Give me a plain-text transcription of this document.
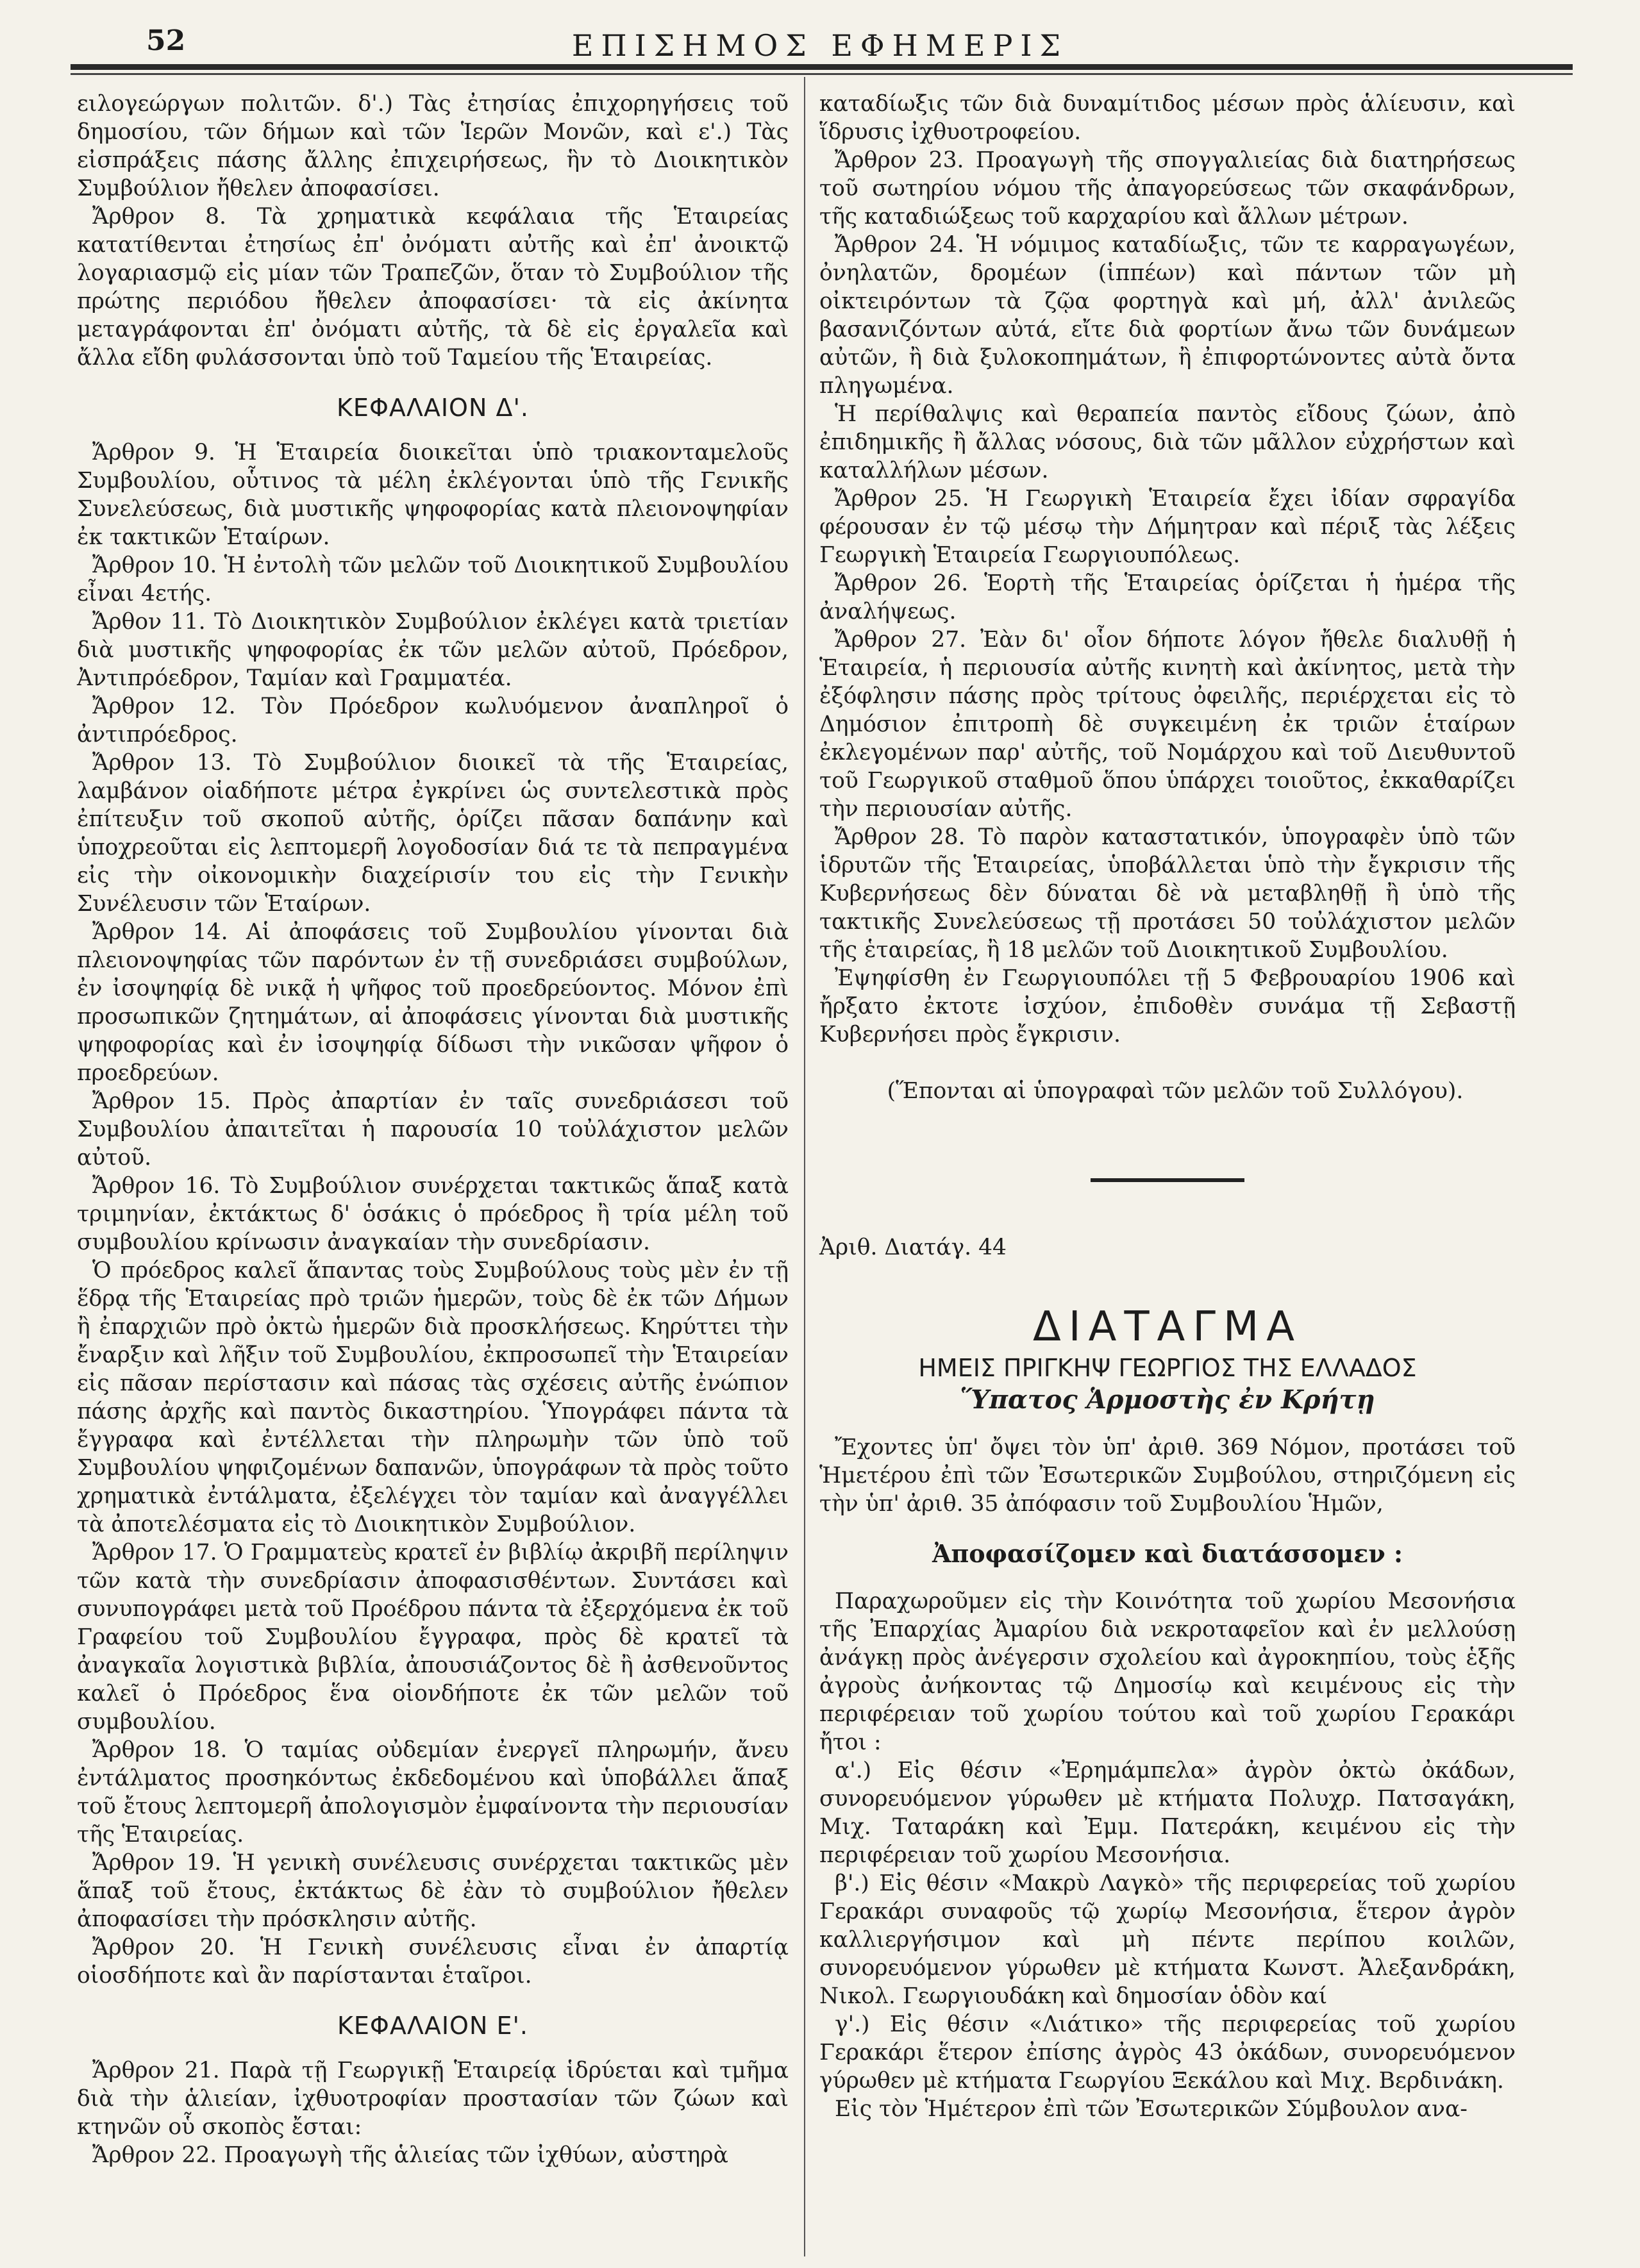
52	ΕΠΙΣΗΜΟΣ ΕΦΗΜΕΡΙΣ

ειλογεώργων πολιτῶν. δ'.) Τὰς ἐτησίας ἐπιχορηγήσεις τοῦ δημοσίου, τῶν δήμων καὶ τῶν Ἱερῶν Μονῶν, καὶ ε'.) Τὰς εἰσπράξεις πάσης ἄλλης ἐπιχειρήσεως, ἣν τὸ Διοικητικὸν Συμβούλιον ἤθελεν ἀποφασίσει.

Ἄρθρον 8. Τὰ χρηματικὰ κεφάλαια τῆς Ἑταιρείας κατατίθενται ἐτησίως ἐπ' ὀνόματι αὐτῆς καὶ ἐπ' ἀνοικτῷ λογαριασμῷ εἰς μίαν τῶν Τραπεζῶν, ὅταν τὸ Συμβούλιον τῆς πρώτης περιόδου ἤθελεν ἀποφασίσει· τὰ εἰς ἀκίνητα μεταγράφονται ἐπ' ὀνόματι αὐτῆς, τὰ δὲ εἰς ἐργαλεῖα καὶ ἄλλα εἴδη φυλάσσονται ὑπὸ τοῦ Ταμείου τῆς Ἑταιρείας.

ΚΕΦΑΛΑΙΟΝ Δ'.

Ἄρθρον 9. Ἡ Ἑταιρεία διοικεῖται ὑπὸ τριακονταμελοῦς Συμβουλίου, οὗτινος τὰ μέλη ἐκλέγονται ὑπὸ τῆς Γενικῆς Συνελεύσεως, διὰ μυστικῆς ψηφοφορίας κατὰ πλειονοψηφίαν ἐκ τακτικῶν Ἑταίρων.

Ἄρθρον 10. Ἡ ἐντολὴ τῶν μελῶν τοῦ Διοικητικοῦ Συμβουλίου εἶναι 4ετής.

Ἄρθον 11. Τὸ Διοικητικὸν Συμβούλιον ἐκλέγει κατὰ τριετίαν διὰ μυστικῆς ψηφοφορίας ἐκ τῶν μελῶν αὐτοῦ, Πρόεδρον, Ἀντιπρόεδρον, Ταμίαν καὶ Γραμματέα.

Ἄρθρον 12. Τὸν Πρόεδρον κωλυόμενον ἀναπληροῖ ὁ ἀντιπρόεδρος.

Ἄρθρον 13. Τὸ Συμβούλιον διοικεῖ τὰ τῆς Ἑταιρείας, λαμβάνον οἱαδήποτε μέτρα ἐγκρίνει ὡς συντελεστικὰ πρὸς ἐπίτευξιν τοῦ σκοποῦ αὐτῆς, ὁρίζει πᾶσαν δαπάνην καὶ ὑποχρεοῦται εἰς λεπτομερῆ λογοδοσίαν διά τε τὰ πεπραγμένα εἰς τὴν οἰκονομικὴν διαχείρισίν του εἰς τὴν Γενικὴν Συνέλευσιν τῶν Ἑταίρων.

Ἄρθρον 14. Αἱ ἀποφάσεις τοῦ Συμβουλίου γίνονται διὰ πλειονοψηφίας τῶν παρόντων ἐν τῇ συνεδριάσει συμβούλων, ἐν ἰσοψηφίᾳ δὲ νικᾷ ἡ ψῆφος τοῦ προεδρεύοντος. Μόνον ἐπὶ προσωπικῶν ζητημάτων, αἱ ἀποφάσεις γίνονται διὰ μυστικῆς ψηφοφορίας καὶ ἐν ἰσοψηφίᾳ δίδωσι τὴν νικῶσαν ψῆφον ὁ προεδρεύων.

Ἄρθρον 15. Πρὸς ἀπαρτίαν ἐν ταῖς συνεδριάσεσι τοῦ Συμβουλίου ἀπαιτεῖται ἡ παρουσία 10 τοὐλάχιστον μελῶν αὐτοῦ.

Ἄρθρον 16. Τὸ Συμβούλιον συνέρχεται τακτικῶς ἅπαξ κατὰ τριμηνίαν, ἐκτάκτως δ' ὁσάκις ὁ πρόεδρος ἢ τρία μέλη τοῦ συμβουλίου κρίνωσιν ἀναγκαίαν τὴν συνεδρίασιν.

Ὁ πρόεδρος καλεῖ ἅπαντας τοὺς Συμβούλους τοὺς μὲν ἐν τῇ ἕδρᾳ τῆς Ἑταιρείας πρὸ τριῶν ἡμερῶν, τοὺς δὲ ἐκ τῶν Δήμων ἢ ἐπαρχιῶν πρὸ ὀκτὼ ἡμερῶν διὰ προσκλήσεως. Κηρύττει τὴν ἔναρξιν καὶ λῆξιν τοῦ Συμβουλίου, ἐκπροσωπεῖ τὴν Ἑταιρείαν εἰς πᾶσαν περίστασιν καὶ πάσας τὰς σχέσεις αὐτῆς ἐνώπιον πάσης ἀρχῆς καὶ παντὸς δικαστηρίου. Ὑπογράφει πάντα τὰ ἔγγραφα καὶ ἐντέλλεται τὴν πληρωμὴν τῶν ὑπὸ τοῦ Συμβουλίου ψηφιζομένων δαπανῶν, ὑπογράφων τὰ πρὸς τοῦτο χρηματικὰ ἐντάλματα, ἐξελέγχει τὸν ταμίαν καὶ ἀναγγέλλει τὰ ἀποτελέσματα εἰς τὸ Διοικητικὸν Συμβούλιον.

Ἄρθρον 17. Ὁ Γραμματεὺς κρατεῖ ἐν βιβλίῳ ἀκριβῆ περίληψιν τῶν κατὰ τὴν συνεδρίασιν ἀποφασισθέντων. Συντάσει καὶ συνυπογράφει μετὰ τοῦ Προέδρου πάντα τὰ ἐξερχόμενα ἐκ τοῦ Γραφείου τοῦ Συμβουλίου ἔγγραφα, πρὸς δὲ κρατεῖ τὰ ἀναγκαῖα λογιστικὰ βιβλία, ἀπουσιάζοντος δὲ ἢ ἀσθενοῦντος καλεῖ ὁ Πρόεδρος ἕνα οἱονδήποτε ἐκ τῶν μελῶν τοῦ συμβουλίου.

Ἄρθρον 18. Ὁ ταμίας οὐδεμίαν ἐνεργεῖ πληρωμήν, ἄνευ ἐντάλματος προσηκόντως ἐκδεδομένου καὶ ὑποβάλλει ἅπαξ τοῦ ἔτους λεπτομερῆ ἀπολογισμὸν ἐμφαίνοντα τὴν περιουσίαν τῆς Ἑταιρείας.

Ἄρθρον 19. Ἡ γενικὴ συνέλευσις συνέρχεται τακτικῶς μὲν ἅπαξ τοῦ ἔτους, ἐκτάκτως δὲ ἐὰν τὸ συμβούλιον ἤθελεν ἀποφασίσει τὴν πρόσκλησιν αὐτῆς.

Ἄρθρον 20. Ἡ Γενικὴ συνέλευσις εἶναι ἐν ἀπαρτίᾳ οἱοσδήποτε καὶ ἂν παρίστανται ἑταῖροι.

ΚΕΦΑΛΑΙΟΝ Ε'.

Ἄρθρον 21. Παρὰ τῇ Γεωργικῇ Ἑταιρείᾳ ἱδρύεται καὶ τμῆμα διὰ τὴν ἁλιείαν, ἰχθυοτροφίαν προστασίαν τῶν ζώων καὶ κτηνῶν οὗ σκοπὸς ἔσται:

Ἄρθρον 22. Προαγωγὴ τῆς ἁλιείας τῶν ἰχθύων, αὐστηρὰ

καταδίωξις τῶν διὰ δυναμίτιδος μέσων πρὸς ἁλίευσιν, καὶ ἵδρυσις ἰχθυοτροφείου.

Ἄρθρον 23. Προαγωγὴ τῆς σπογγαλιείας διὰ διατηρήσεως τοῦ σωτηρίου νόμου τῆς ἀπαγορεύσεως τῶν σκαφάνδρων, τῆς καταδιώξεως τοῦ καρχαρίου καὶ ἄλλων μέτρων.

Ἄρθρον 24. Ἡ νόμιμος καταδίωξις, τῶν τε καρραγωγέων, ὀνηλατῶν, δρομέων (ἱππέων) καὶ πάντων τῶν μὴ οἰκτειρόντων τὰ ζῷα φορτηγὰ καὶ μή, ἀλλ' ἀνιλεῶς βασανιζόντων αὐτά, εἴτε διὰ φορτίων ἄνω τῶν δυνάμεων αὐτῶν, ἢ διὰ ξυλοκοπημάτων, ἢ ἐπιφορτώνοντες αὐτὰ ὄντα πληγωμένα.

Ἡ περίθαλψις καὶ θεραπεία παντὸς εἴδους ζώων, ἀπὸ ἐπιδημικῆς ἢ ἄλλας νόσους, διὰ τῶν μᾶλλον εὐχρήστων καὶ καταλλήλων μέσων.

Ἄρθρον 25. Ἡ Γεωργικὴ Ἑταιρεία ἔχει ἰδίαν σφραγίδα φέρουσαν ἐν τῷ μέσῳ τὴν Δήμητραν καὶ πέριξ τὰς λέξεις Γεωργικὴ Ἑταιρεία Γεωργιουπόλεως.

Ἄρθρον 26. Ἑορτὴ τῆς Ἑταιρείας ὁρίζεται ἡ ἡμέρα τῆς ἀναλήψεως.

Ἄρθρον 27. Ἐὰν δι' οἷον δήποτε λόγον ἤθελε διαλυθῇ ἡ Ἑταιρεία, ἡ περιουσία αὐτῆς κινητὴ καὶ ἀκίνητος, μετὰ τὴν ἐξόφλησιν πάσης πρὸς τρίτους ὀφειλῆς, περιέρχεται εἰς τὸ Δημόσιον ἐπιτροπὴ δὲ συγκειμένη ἐκ τριῶν ἑταίρων ἐκλεγομένων παρ' αὐτῆς, τοῦ Νομάρχου καὶ τοῦ Διευθυντοῦ τοῦ Γεωργικοῦ σταθμοῦ ὅπου ὑπάρχει τοιοῦτος, ἐκκαθαρίζει τὴν περιουσίαν αὐτῆς.

Ἄρθρον 28. Τὸ παρὸν καταστατικόν, ὑπογραφὲν ὑπὸ τῶν ἱδρυτῶν τῆς Ἑταιρείας, ὑποβάλλεται ὑπὸ τὴν ἔγκρισιν τῆς Κυβερνήσεως δὲν δύναται δὲ νὰ μεταβληθῇ ἢ ὑπὸ τῆς τακτικῆς Συνελεύσεως τῇ προτάσει 50 τοὐλάχιστον μελῶν τῆς ἑταιρείας, ἢ 18 μελῶν τοῦ Διοικητικοῦ Συμβουλίου.

Ἐψηφίσθη ἐν Γεωργιουπόλει τῇ 5 Φεβρουαρίου 1906 καὶ ἤρξατο ἐκτοτε ἰσχύον, ἐπιδοθὲν συνάμα τῇ Σεβαστῇ Κυβερνήσει πρὸς ἔγκρισιν.

(Ἕπονται αἱ ὑπογραφαὶ τῶν μελῶν τοῦ Συλλόγου).

Ἀριθ. Διατάγ. 44

ΔΙΑΤΑΓΜΑ
ΗΜΕΙΣ ΠΡΙΓΚΗΨ ΓΕΩΡΓΙΟΣ ΤΗΣ ΕΛΛΑΔΟΣ
Ὕπατος Ἁρμοστὴς ἐν Κρήτῃ

Ἔχοντες ὑπ' ὄψει τὸν ὑπ' ἀριθ. 369 Νόμον, προτάσει τοῦ Ἡμετέρου ἐπὶ τῶν Ἐσωτερικῶν Συμβούλου, στηριζόμενη εἰς τὴν ὑπ' ἀριθ. 35 ἀπόφασιν τοῦ Συμβουλίου Ἡμῶν,

Ἀποφασίζομεν καὶ διατάσσομεν :

Παραχωροῦμεν εἰς τὴν Κοινότητα τοῦ χωρίου Μεσονήσια τῆς Ἐπαρχίας Ἀμαρίου διὰ νεκροταφεῖον καὶ ἐν μελλούσῃ ἀνάγκῃ πρὸς ἀνέγερσιν σχολείου καὶ ἀγροκηπίου, τοὺς ἑξῆς ἀγροὺς ἀνήκοντας τῷ Δημοσίῳ καὶ κειμένους εἰς τὴν περιφέρειαν τοῦ χωρίου τούτου καὶ τοῦ χωρίου Γερακάρι ἤτοι :

α'.) Εἰς θέσιν «Ἐρημάμπελα» ἀγρὸν ὀκτὼ ὀκάδων, συνορευόμενον γύρωθεν μὲ κτήματα Πολυχρ. Πατσαγάκη, Μιχ. Ταταράκη καὶ Ἐμμ. Πατεράκη, κειμένου εἰς τὴν περιφέρειαν τοῦ χωρίου Μεσονήσια.

β'.) Εἰς θέσιν «Μακρὺ Λαγκὸ» τῆς περιφερείας τοῦ χωρίου Γερακάρι συναφοῦς τῷ χωρίῳ Μεσονήσια, ἕτερον ἀγρὸν καλλιεργήσιμον καὶ μὴ πέντε περίπου κοιλῶν, συνορευόμενον γύρωθεν μὲ κτήματα Κωνστ. Ἀλεξανδράκη, Νικολ. Γεωργιουδάκη καὶ δημοσίαν ὁδὸν καί

γ'.) Εἰς θέσιν «Λιάτικο» τῆς περιφερείας τοῦ χωρίου Γερακάρι ἕτερον ἐπίσης ἀγρὸς 43 ὀκάδων, συνορευόμενον γύρωθεν μὲ κτήματα Γεωργίου Ξεκάλου καὶ Μιχ. Βερδινάκη.

Εἰς τὸν Ἡμέτερον ἐπὶ τῶν Ἐσωτερικῶν Σύμβουλον ανα-
